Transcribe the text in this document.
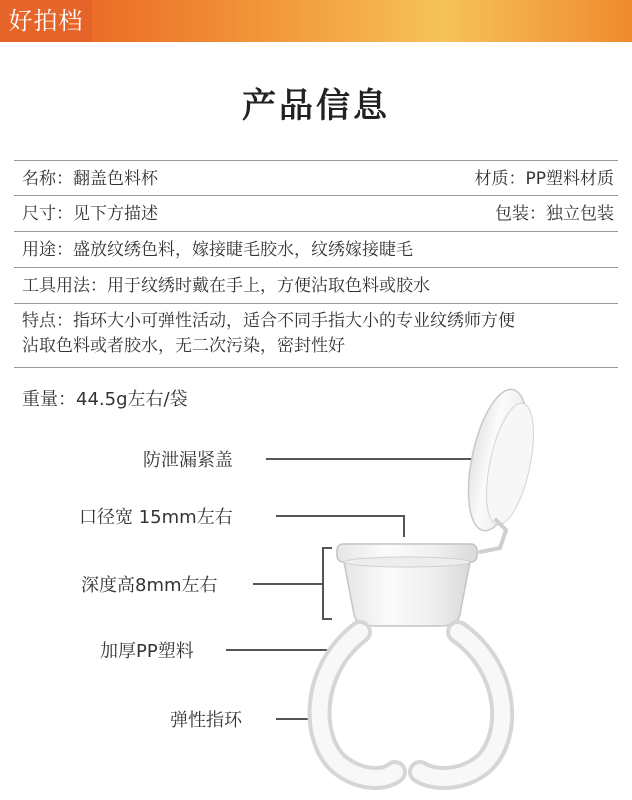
好拍档
产品信息
名称：翻盖色料杯	材质：PP塑料材质
尺寸：见下方描述	包装：独立包装
用途：盛放纹绣色料，嫁接睫毛胶水，纹绣嫁接睫毛
工具用法：用于纹绣时戴在手上，方便沾取色料或胶水
特点：指环大小可弹性活动，适合不同手指大小的专业纹绣师方便
沾取色料或者胶水，无二次污染，密封性好
重量：44.5g左右/袋
防泄漏紧盖
口径宽 15mm左右
深度高8mm左右
加厚PP塑料
弹性指环
